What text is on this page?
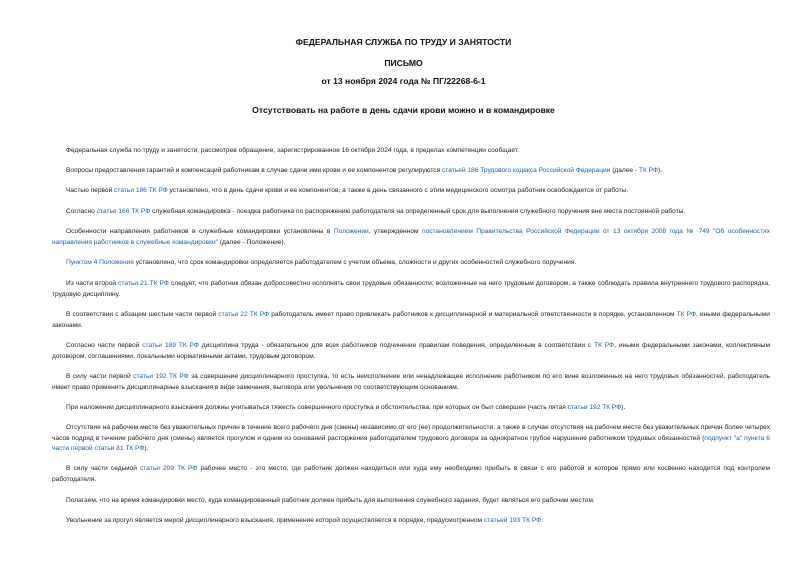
ФЕДЕРАЛЬНАЯ СЛУЖБА ПО ТРУДУ И ЗАНЯТОСТИ
ПИСЬМО
от 13 ноября 2024 года № ПГ/22268-6-1
Отсутствовать на работе в день сдачи крови можно и в командировке

Федеральная служба по труду и занятости, рассмотрев обращение, зарегистрированное 16 октября 2024 года, в пределах компетенции сообщает.

Вопросы предоставления гарантий и компенсаций работникам в случае сдачи ими крови и ее компонентов регулируются статьей 186 Трудового кодекса Российской Федерации (далее - ТК РФ).

Частью первой статьи 186 ТК РФ установлено, что в день сдачи крови и ее компонентов, а также в день связанного с этим медицинского осмотра работник освобождается от работы.

Согласно статье 166 ТК РФ служебная командировка - поездка работника по распоряжению работодателя на определенный срок для выполнения служебного поручения вне места постоянной работы.

Особенности направления работников в служебные командировки установлены в Положении, утвержденном постановлением Правительства Российской Федерации от 13 октября 2008 года № 749 "Об особенностях направления работников в служебные командировки" (далее - Положение).

Пунктом 4 Положения установлено, что срок командировки определяется работодателем с учетом объема, сложности и других особенностей служебного поручения.

Из части второй статьи 21 ТК РФ следует, что работник обязан добросовестно исполнять свои трудовые обязанности, возложенные на него трудовым договором, а также соблюдать правила внутреннего трудового распорядка, трудовую дисциплину.

В соответствии с абзацем шестым части первой статьи 22 ТК РФ работодатель имеет право привлекать работников к дисциплинарной и материальной ответственности в порядке, установленном ТК РФ, иными федеральными законами.

Согласно части первой статьи 189 ТК РФ дисциплина труда - обязательное для всех работников подчинение правилам поведения, определенным в соответствии с ТК РФ, иными федеральными законами, коллективным договором, соглашениями, локальными нормативными актами, трудовым договором.

В силу части первой статьи 192 ТК РФ за совершение дисциплинарного проступка, то есть неисполнение или ненадлежащее исполнение работником по его вине возложенных на него трудовых обязанностей, работодатель имеет право применить дисциплинарные взыскания в виде замечания, выговора или увольнения по соответствующим основаниям.

При наложении дисциплинарного взыскания должны учитываться тяжесть совершенного проступка и обстоятельства, при которых он был совершен (часть пятая статьи 192 ТК РФ).

Отсутствие на рабочем месте без уважительных причин в течение всего рабочего дня (смены) независимо от его (ее) продолжительности, а также в случае отсутствия на рабочем месте без уважительных причин более четырех часов подряд в течение рабочего дня (смены) является прогулом и одним из оснований расторжения работодателем трудового договора за однократное грубое нарушение работником трудовых обязанностей (подпункт "а" пункта 6 части первой статьи 81 ТК РФ).

В силу части седьмой статьи 209 ТК РФ рабочее место - это место, где работник должен находиться или куда ему необходимо прибыть в связи с его работой и которое прямо или косвенно находится под контролем работодателя.

Полагаем, что на время командировки место, куда командированный работник должен прибыть для выполнения служебного задания, будет являться его рабочим местом.

Увольнение за прогул является мерой дисциплинарного взыскания, применение которой осуществляется в порядке, предусмотренном статьей 193 ТК РФ.
